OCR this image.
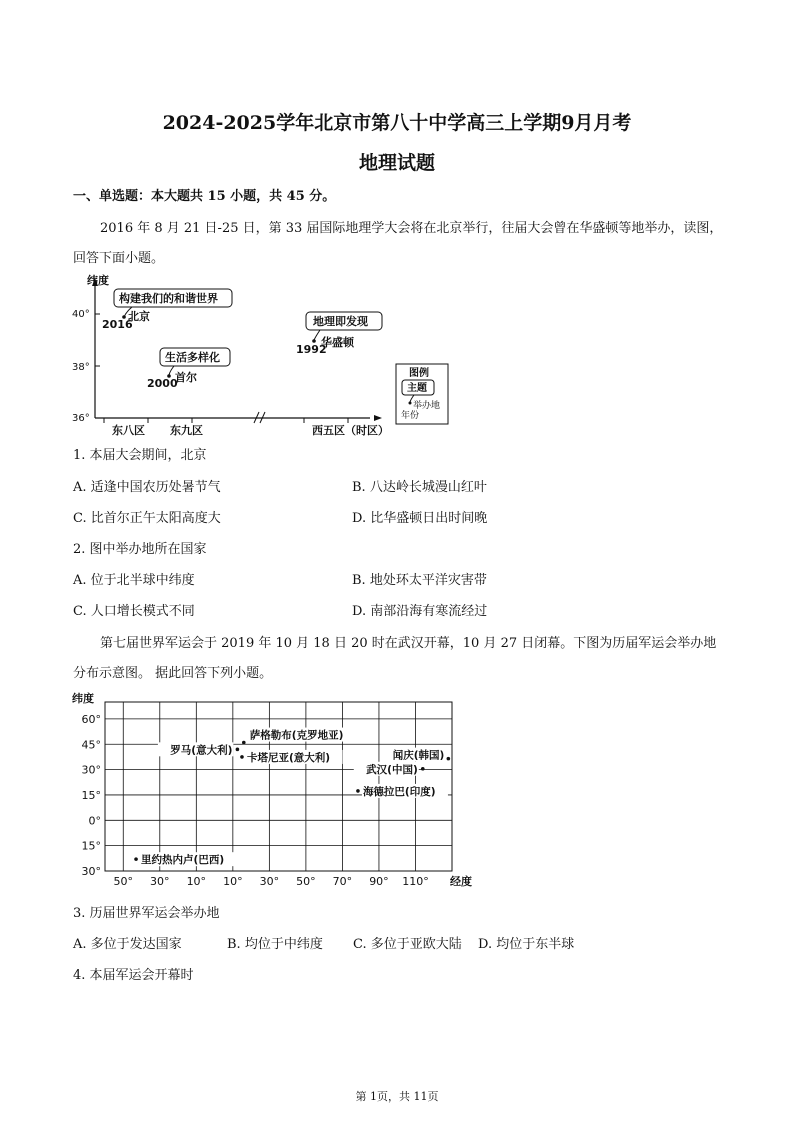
2024-2025学年北京市第八十中学高三上学期9月月考
地理试题
一、单选题：本大题共 15 小题，共 45 分。
2016 年 8 月 21 日-25 日，第 33 届国际地理学大会将在北京举行，往届大会曾在华盛顿等地举办，读图，
回答下面小题。
纬度
40°
38°
36°
东八区 东九区	西五区（时区）
构建我们的和谐世界
北京
2016
生活多样化
首尔
2000
地理即发现
华盛顿
1992
图例
主题
举办地
年份
1. 本届大会期间，北京
A. 适逢中国农历处暑节气	B. 八达岭长城漫山红叶
C. 比首尔正午太阳高度大	D. 比华盛顿日出时间晚
2. 图中举办地所在国家
A. 位于北半球中纬度	B. 地处环太平洋灾害带
C. 人口增长模式不同	D. 南部沿海有寒流经过
第七届世界军运会于 2019 年 10 月 18 日 20 时在武汉开幕，10 月 27 日闭幕。下图为历届军运会举办地
分布示意图。 据此回答下列小题。
60°
45°
30°
15°
0°
15°
30°
50° 30° 10° 10° 30° 50° 70° 90° 110°
萨格勒布(克罗地亚)
罗马(意大利)
卡塔尼亚(意大利)	闻庆(韩国)
武汉(中国)
海德拉巴(印度)
里约热内卢(巴西)
纬度
经度
3. 历届世界军运会举办地
A. 多位于发达国家	B. 均位于中纬度 C. 多位于亚欧大陆 D. 均位于东半球
4. 本届军运会开幕时
第 1页，共 11页
